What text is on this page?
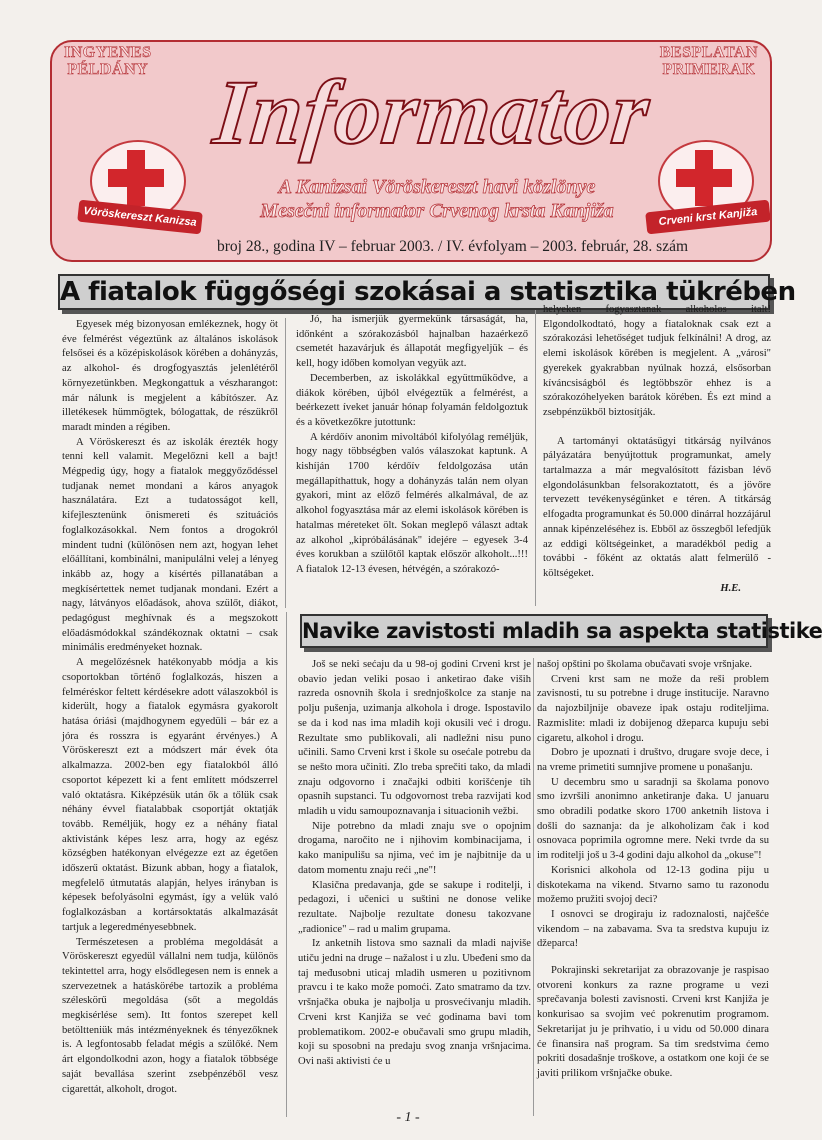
INGYENES
PÉLDÁNY
BESPLATAN
PRIMERAK
Informator
Vöröskereszt Kanizsa	Crveni krst Kanjiža
A Kanizsai Vöröskereszt havi közlönye
Mesečni informator Crvenog krsta Kanjiža
broj 28., godina IV – februar 2003. / IV. évfolyam – 2003. február, 28. szám
A fiatalok függőségi szokásai a statisztika tükrében

Egyesek még bizonyosan emlékeznek, hogy öt éve felmérést végeztünk az általános iskolások felsősei és a középiskolások körében a dohányzás, az alkohol- és drogfogyasztás jelenlétéről környezetünkben. Megkongattuk a vészharangot: már nálunk is megjelent a kábítószer. Az illetékesek hümmögtek, bólogattak, de részükről maradt minden a régiben.

A Vöröskereszt és az iskolák érezték hogy tenni kell valamit. Megelőzni kell a bajt! Mégpedig úgy, hogy a fiatalok meggyőződéssel tudjanak nemet mondani a káros anyagok használatára. Ezt a tudatosságot kell, kifejlesztenünk önismereti és szituációs foglalkozásokkal. Nem fontos a drogokról mindent tudni (különösen nem azt, hogyan lehet előállítani, kombinálni, manipulálni velej a lényeg inkább az, hogy a kísértés pillanatában a megkísértettek nemet tudjanak mondani. Ezért a nagy, látványos előadások, ahova szülőt, diákot, pedagógust meghívnak és a megszokott előadásmódokkal szándékoznak oktatni – csak minimális eredményeket hoznak.

A megelőzésnek hatékonyabb módja a kis csoportokban történő foglalkozás, hiszen a felméréskor feltett kérdésekre adott válaszokból is kiderült, hogy a fiatalok egymásra gyakorolt hatása óriási (majdhogynem egyedüli – bár ez a jóra és rosszra is egyaránt érvényes.) A Vöröskereszt ezt a módszert már évek óta alkalmazza. 2002-ben egy fiatalokból álló csoportot képezett ki a fent említett módszerrel való oktatásra. Kiképzésük után ők a tőlük csak néhány évvel fiatalabbak csoportját oktatják tovább. Reméljük, hogy ez a néhány fiatal aktivistánk képes lesz arra, hogy az egész községben hatékonyan elvégezze ezt az égetően időszerű oktatást. Bizunk abban, hogy a fiatalok, megfelelő útmutatás alapján, helyes irányban is képesek befolyásolni egymást, így a velük való foglalkozásban a kortársoktatás alkalmazását tartjuk a legeredményesebbnek.

Természetesen a probléma megoldását a Vöröskereszt egyedül vállalni nem tudja, különös tekintettel arra, hogy elsődlegesen nem is ennek a szervezetnek a hatáskörébe tartozik a probléma széleskörű megoldása (sőt a megoldás megkisérlése sem). Itt fontos szerepet kell betöltteniük más intézményeknek és tényezőknek is. A legfontosabb feladat mégis a szülőké. Nem árt elgondolkodni azon, hogy a fiatalok többsége saját bevallása szerint zsebpénzéből vesz cigarettát, alkoholt, drogot.

Jó, ha ismerjük gyermekünk társaságát, ha, időnként a szórakozásból hajnalban hazaérkező csemetét hazavárjuk és állapotát megfigyeljük – és kell, hogy időben komolyan vegyük azt.

Decemberben, az iskolákkal együttműködve, a diákok körében, újból elvégeztük a felmérést, a beérkezett íveket január hónap folyamán feldolgoztuk és a következőkre jutottunk:

A kérdőív anonim mivoltából kifolyólag reméljük, hogy nagy többségben valós válaszokat kaptunk. A kishíján 1700 kérdőív feldolgozása után megállapíthattuk, hogy a dohányzás talán nem olyan gyakori, mint az előző felmérés alkalmával, de az alkohol fogyasztása már az elemi iskolások körében is hatalmas méreteket ölt. Sokan meglepő választ adtak az alkohol „kipróbálásának" idejére – egyesek 3-4 éves korukban a szülőtől kaptak először alkoholt...!!! A fiatalok 12-13 évesen, hétvégén, a szórakozó-

helyeken fogyasztanak alkoholos italt! Elgondolkodtató, hogy a fiataloknak csak ezt a szórakozási lehetőséget tudjuk felkínálni! A drog, az elemi iskolások körében is megjelent. A „városi" gyerekek gyakrabban nyúlnak hozzá, elsősorban kíváncsiságból és legtöbbször ehhez is a szórakozóhelyeken barátok körében. És ezt mind a zsebpénzükből biztosítják.

A tartományi oktatásügyi titkárság nyilvános pályázatára benyújtottuk programunkat, amely tartalmazza a már megvalósított fázisban lévő elgondolásunkban felsorakoztatott, és a jövőre tervezett tevékenységünket e téren. A titkárság elfogadta programunkat és 50.000 dinárral hozzájárul annak kipénzeléséhez is. Ebből az összegből lefedjük az eddigi költségeinket, a maradékból pedig a további - főként az oktatás alatt felmerülő - költségeket.

H.E.

Navike zavistosti mladih sa aspekta statistike

Još se neki sećaju da u 98-oj godini Crveni krst je obavio jedan veliki posao i anketirao đake viših razreda osnovnih škola i srednjoškolce za stanje na polju pušenja, uzimanja alkohola i droge. Ispostavilo se da i kod nas ima mladih koji okusili već i drogu. Rezultate smo publikovali, ali nadležni nisu puno učinili. Samo Crveni krst i škole su osećale potrebu da se nešto mora učiniti. Zlo treba sprečiti tako, da mladi znaju odgovorno i značajki odbiti korišćenje tih opasnih supstanci. Tu odgovornost treba razvijati kod mladih u vidu samoupoznavanja i situacionih vežbi.

Nije potrebno da mladi znaju sve o opojnim drogama, naročito ne i njihovim kombinacijama, i kako manipulišu sa njima, već im je najbitnije da u datom momentu znaju reći „ne"!

Klasična predavanja, gde se sakupe i roditelji, i pedagozi, i učenici u suštini ne donose velike rezultate. Najbolje rezultate donesu takozvane „radionice" – rad u malim grupama.

Iz anketnih listova smo saznali da mladi najviše utiču jedni na druge – nažalost i u zlu. Ubeđeni smo da taj međusobni uticaj mladih usmeren u pozitivnom pravcu i te kako može pomoći. Zato smatramo da tzv. vršnjačka obuka je najbolja u prosvećivanju mladih. Crveni krst Kanjiža se već godinama bavi tom problematikom. 2002-e obučavali smo grupu mladih, koji su sposobni na predaju svog znanja vršnjacima. Ovi naši aktivisti će u

našoj opštini po školama obučavati svoje vršnjake.

Crveni krst sam ne može da reši problem zavisnosti, tu su potrebne i druge institucije. Naravno da najozbiljnije obaveze ipak ostaju roditeljima. Razmislite: mladi iz dobijenog džeparca kupuju sebi cigaretu, alkohol i drogu.

Dobro je upoznati i društvo, drugare svoje dece, i na vreme primetiti sumnjive promene u ponašanju.

U decembru smo u saradnji sa školama ponovo smo izvršili anonimno anketiranje đaka. U januaru smo obradili podatke skoro 1700 anketnih listova i došli do saznanja: da je alkoholizam čak i kod osnovaca poprimila ogromne mere. Neki tvrde da su im roditelji još u 3-4 godini daju alkohol da „okuse"!

Korisnici alkohola od 12-13 godina piju u diskotekama na vikend. Stvarno samo tu razonodu možemo pružiti svojoj deci?

I osnovci se drogiraju iz radoznalosti, najčešće vikendom – na zabavama. Sva ta sredstva kupuju iz džeparca!

Pokrajinski sekretarijat za obrazovanje je raspisao otvoreni konkurs za razne programe u vezi sprečavanja bolesti zavisnosti. Crveni krst Kanjiža je konkurisao sa svojim već pokrenutim programom. Sekretarijat ju je prihvatio, i u vidu od 50.000 dinara će finansira naš program. Sa tim sredstvima ćemo pokriti dosadašnje troškove, a ostatkom one koji će se javiti prilikom vršnjačke obuke.

- 1 -
